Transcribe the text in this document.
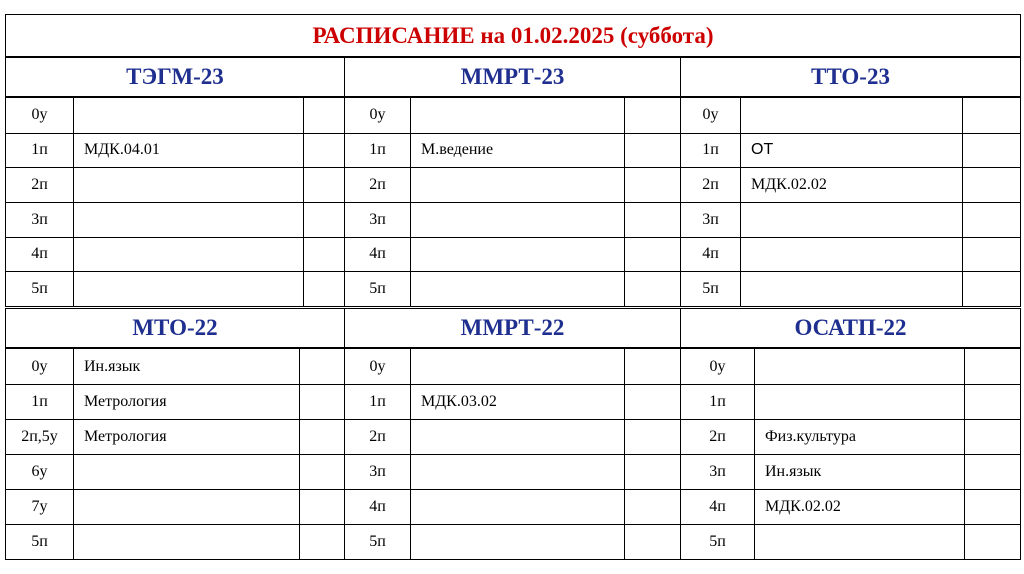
РАСПИСАНИЕ на 01.02.2025 (суббота)
ТЭГМ-23
0у
1п	МДК.04.01
2п
3п
4п
5п
ММРТ-23
0у
1п	М.ведение
2п
3п
4п
5п
ТТО-23
0у
1п	ОТ
2п	МДК.02.02
3п
4п
5п
МТО-22
0у	Ин.язык
1п	Метрология
2п,5у	Метрология
6у
7у
5п
ММРТ-22
0у
1п	МДК.03.02
2п
3п
4п
5п
ОСАТП-22
0у
1п
2п	Физ.культура
3п	Ин.язык
4п	МДК.02.02
5п
